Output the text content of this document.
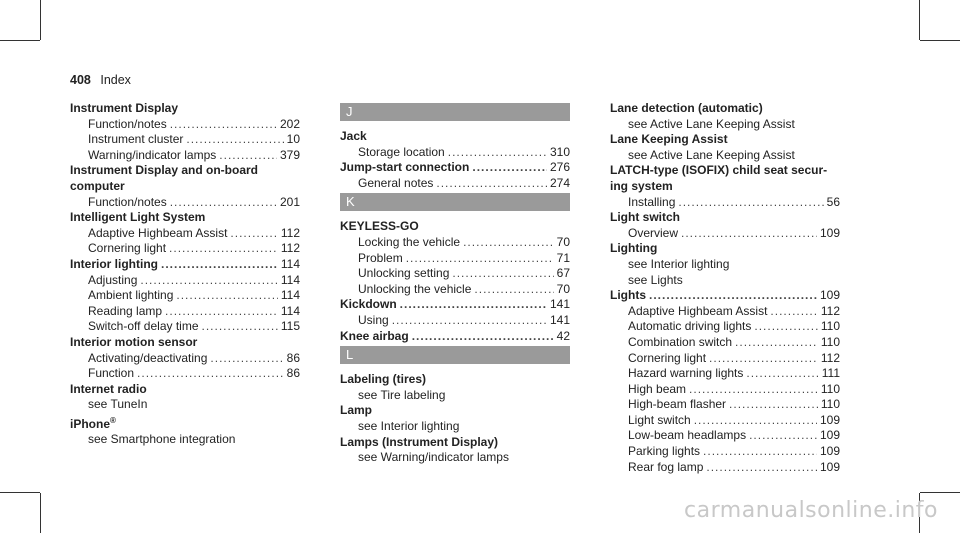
408 Index
Instrument Display
Function/notes .....	202
Instrument cluster .....	10
Warning/indicator lamps .....	379
Instrument Display and on-board
computer
Function/notes .....	201
Intelligent Light System
Adaptive Highbeam Assist .....	112
Cornering light .....	112
Interior lighting .....	114
Adjusting .....	114
Ambient lighting .....	114
Reading lamp .....	114
Switch-off delay time .....	115
Interior motion sensor
Activating/deactivating .....	86
Function .....	86
Internet radio
see TuneIn
iPhone®
see Smartphone integration
J
Jack
Storage location .....	310
Jump-start connection .....	276
General notes .....	274
K
KEYLESS-GO
Locking the vehicle .....	70
Problem .....	71
Unlocking setting .....	67
Unlocking the vehicle .....	70
Kickdown .....	141
Using .....	141
Knee airbag .....	42
L
Labeling (tires)
see Tire labeling
Lamp
see Interior lighting
Lamps (Instrument Display)
see Warning/indicator lamps
Lane detection (automatic)
see Active Lane Keeping Assist
Lane Keeping Assist
see Active Lane Keeping Assist
LATCH-type (ISOFIX) child seat secur-
ing system
Installing .....	56
Light switch
Overview .....	109
Lighting
see Interior lighting
see Lights
Lights .....	109
Adaptive Highbeam Assist .....	112
Automatic driving lights .....	110
Combination switch .....	110
Cornering light .....	112
Hazard warning lights .....	111
High beam .....	110
High-beam flasher .....	110
Light switch .....	109
Low-beam headlamps .....	109
Parking lights .....	109
Rear fog lamp .....	109
carmanualsonline.info
